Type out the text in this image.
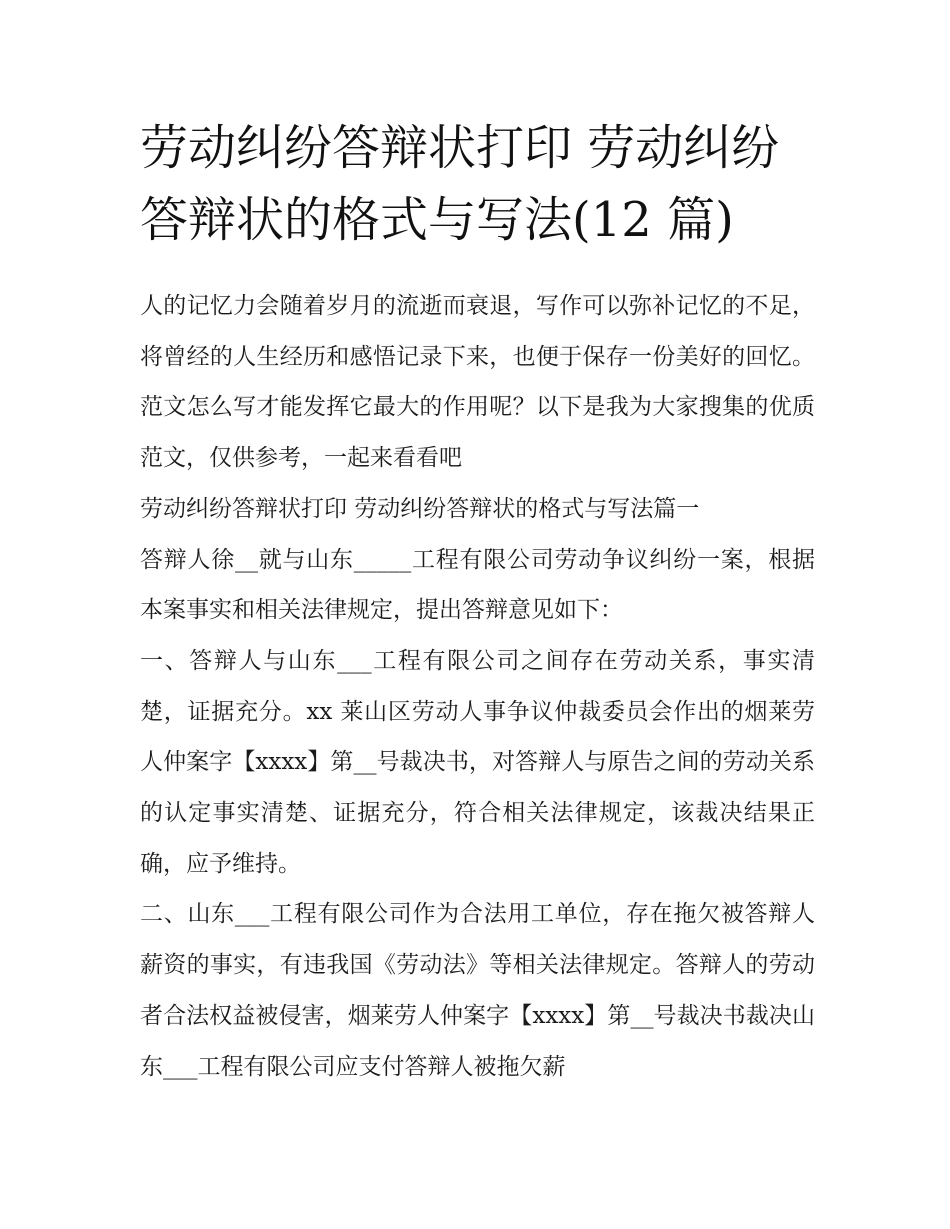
劳动纠纷答辩状打印 劳动纠纷答辩状的格式与写法(12 篇)

人的记忆力会随着岁月的流逝而衰退，写作可以弥补记忆的不足，将曾经的人生经历和感悟记录下来，也便于保存一份美好的回忆。范文怎么写才能发挥它最大的作用呢？以下是我为大家搜集的优质范文，仅供参考，一起来看看吧

劳动纠纷答辩状打印 劳动纠纷答辩状的格式与写法篇一

答辩人徐__就与山东_____工程有限公司劳动争议纠纷一案，根据本案事实和相关法律规定，提出答辩意见如下：

一、答辩人与山东___工程有限公司之间存在劳动关系，事实清楚，证据充分。xx 莱山区劳动人事争议仲裁委员会作出的烟莱劳人仲案字【xxxx】第__号裁决书，对答辩人与原告之间的劳动关系的认定事实清楚、证据充分，符合相关法律规定，该裁决结果正确，应予维持。

二、山东___工程有限公司作为合法用工单位，存在拖欠被答辩人薪资的事实，有违我国《劳动法》等相关法律规定。答辩人的劳动者合法权益被侵害，烟莱劳人仲案字【xxxx】第__号裁决书裁决山东___工程有限公司应支付答辩人被拖欠薪
